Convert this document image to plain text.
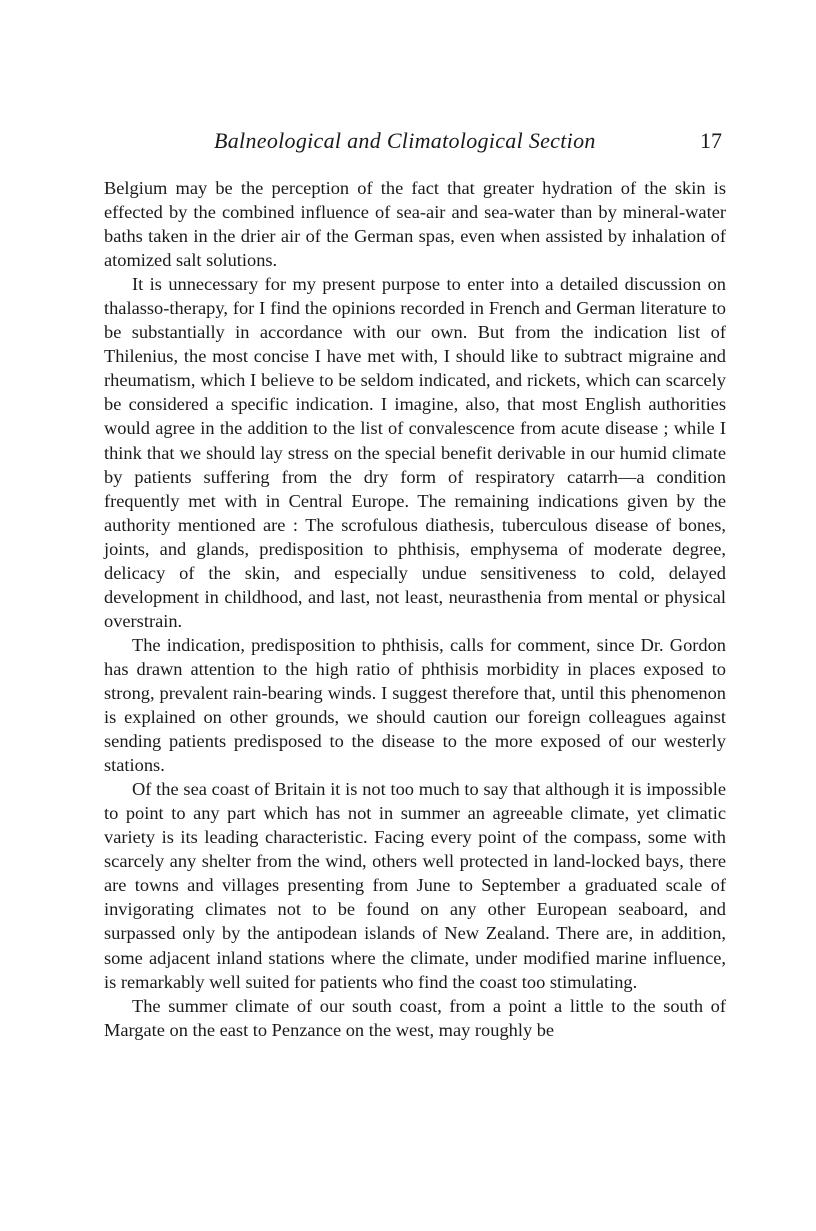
Balneological and Climatological Section	17

Belgium may be the perception of the fact that greater hydration of the skin is effected by the combined influence of sea-air and sea-water than by mineral-water baths taken in the drier air of the German spas, even when assisted by inhalation of atomized salt solutions.

It is unnecessary for my present purpose to enter into a detailed discussion on thalasso-therapy, for I find the opinions recorded in French and German literature to be substantially in accordance with our own. But from the indication list of Thilenius, the most concise I have met with, I should like to subtract migraine and rheumatism, which I believe to be seldom indicated, and rickets, which can scarcely be considered a specific indication. I imagine, also, that most English authorities would agree in the addition to the list of convalescence from acute disease ; while I think that we should lay stress on the special benefit derivable in our humid climate by patients suffering from the dry form of respiratory catarrh—a condition frequently met with in Central Europe. The remaining indications given by the authority mentioned are : The scrofulous diathesis, tuberculous disease of bones, joints, and glands, predisposition to phthisis, emphysema of moderate degree, delicacy of the skin, and especially undue sensitiveness to cold, delayed development in childhood, and last, not least, neurasthenia from mental or physical overstrain.

The indication, predisposition to phthisis, calls for comment, since Dr. Gordon has drawn attention to the high ratio of phthisis morbidity in places exposed to strong, prevalent rain-bearing winds. I suggest therefore that, until this phenomenon is explained on other grounds, we should caution our foreign colleagues against sending patients predisposed to the disease to the more exposed of our westerly stations.

Of the sea coast of Britain it is not too much to say that although it is impossible to point to any part which has not in summer an agreeable climate, yet climatic variety is its leading characteristic. Facing every point of the compass, some with scarcely any shelter from the wind, others well protected in land-locked bays, there are towns and villages presenting from June to September a graduated scale of invigorating climates not to be found on any other European seaboard, and surpassed only by the antipodean islands of New Zealand. There are, in addition, some adjacent inland stations where the climate, under modified marine influence, is remarkably well suited for patients who find the coast too stimulating.

The summer climate of our south coast, from a point a little to the south of Margate on the east to Penzance on the west, may roughly be
